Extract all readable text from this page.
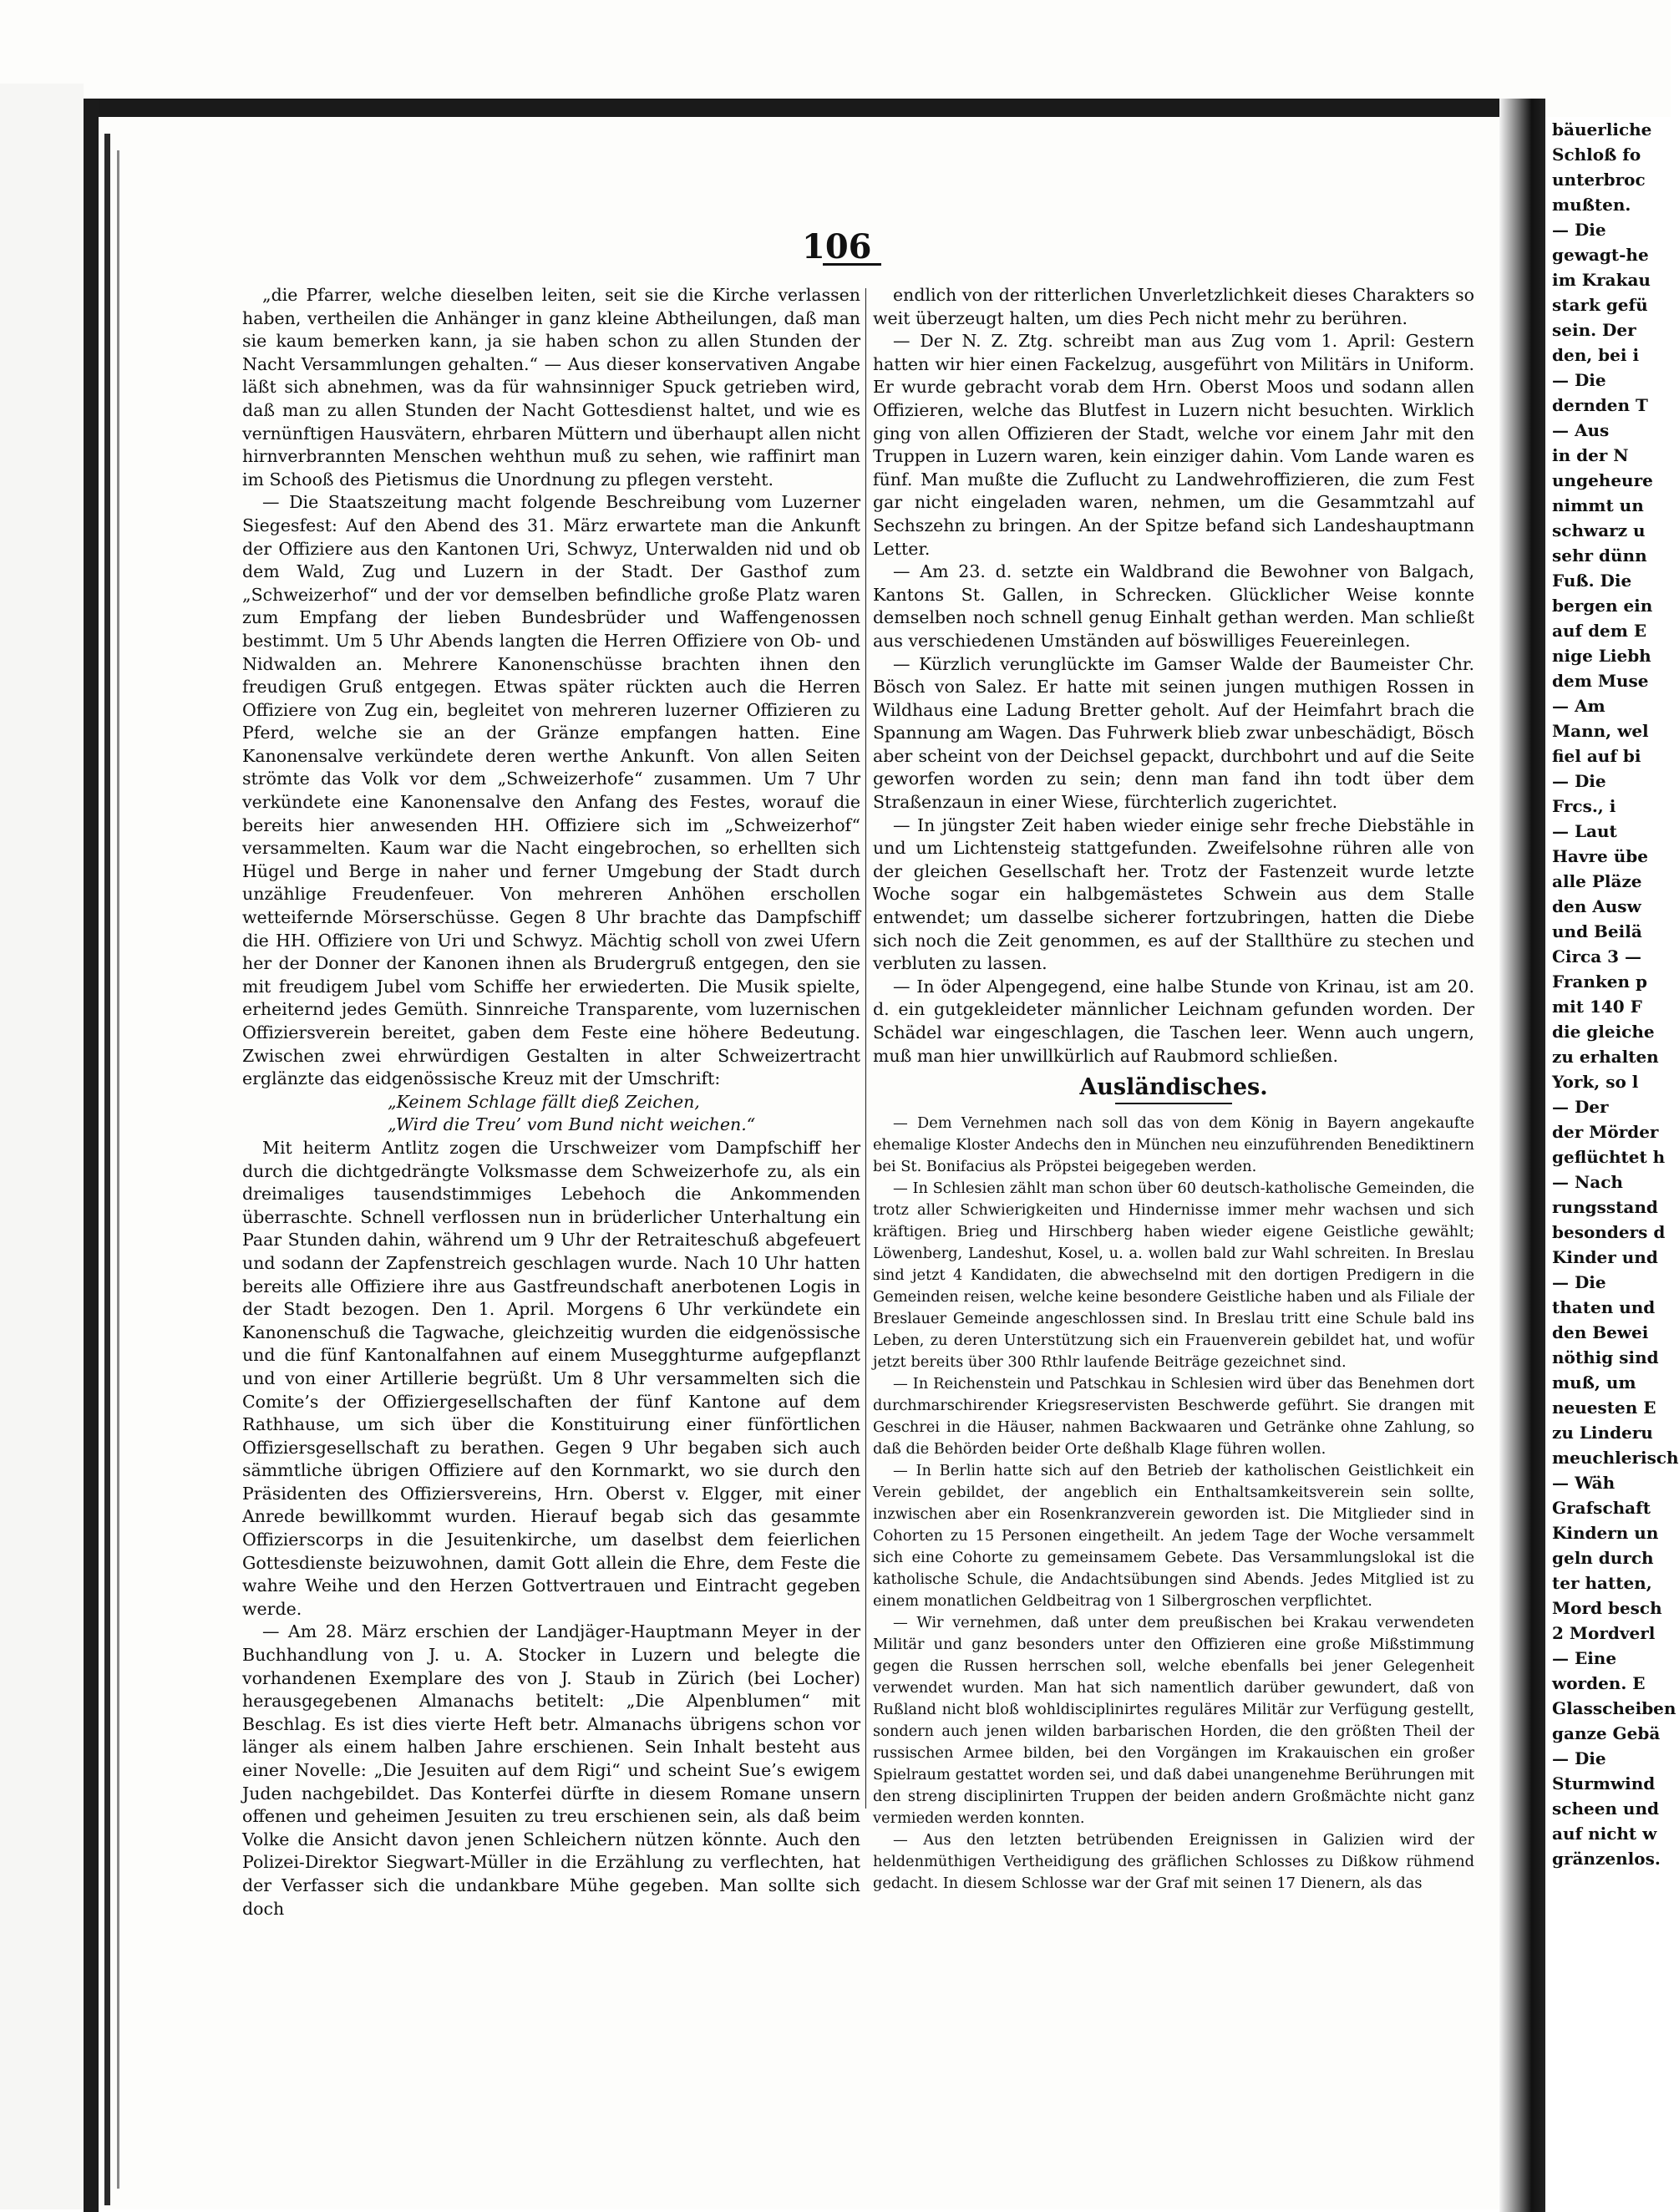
bäuerliche
Schloß fo
unterbroc
mußten.
— Die
gewagt-he
im Krakau
stark gefü
sein. Der
den, bei i
— Die
dernden T
— Aus
in der N
ungeheure
nimmt un
schwarz u
sehr dünn
Fuß. Die
bergen ein
auf dem E
nige Liebh
dem Muse
— Am
Mann, wel
fiel auf bi
— Die
Frcs., i
— Laut
Havre übe
alle Pläze
den Ausw
und Beilä
Circa 3 —
Franken p
mit 140 F
die gleiche
zu erhalten
York, so l
— Der
der Mörder
geflüchtet h
— Nach
rungsstand
besonders d
Kinder und
— Die
thaten und
den Bewei
nöthig sind
muß, um
neuesten E
zu Linderu
meuchlerisch
— Wäh
Grafschaft
Kindern un
geln durch
ter hatten,
Mord besch
2 Mordverl
— Eine
worden. E
Glasscheiben
ganze Gebä
— Die
Sturmwind
scheen und
auf nicht w
gränzenlos.
106

„die Pfarrer, welche dieselben leiten, seit sie die Kirche verlassen haben, vertheilen die Anhänger in ganz kleine Abtheilungen, daß man sie kaum bemerken kann, ja sie haben schon zu allen Stunden der Nacht Versammlungen gehalten.“ — Aus dieser konservativen Angabe läßt sich abnehmen, was da für wahnsinniger Spuck getrieben wird, daß man zu allen Stunden der Nacht Gottesdienst haltet, und wie es vernünftigen Hausvätern, ehrbaren Müttern und überhaupt allen nicht hirnverbrannten Menschen wehthun muß zu sehen, wie raffinirt man im Schooß des Pietismus die Unordnung zu pflegen versteht.

— Die Staatszeitung macht folgende Beschreibung vom Luzerner Siegesfest: Auf den Abend des 31. März erwartete man die Ankunft der Offiziere aus den Kantonen Uri, Schwyz, Unterwalden nid und ob dem Wald, Zug und Luzern in der Stadt. Der Gasthof zum „Schweizerhof“ und der vor demselben befindliche große Platz waren zum Empfang der lieben Bundesbrüder und Waffengenossen bestimmt. Um 5 Uhr Abends langten die Herren Offiziere von Ob- und Nidwalden an. Mehrere Kanonenschüsse brachten ihnen den freudigen Gruß entgegen. Etwas später rückten auch die Herren Offiziere von Zug ein, begleitet von mehreren luzerner Offizieren zu Pferd, welche sie an der Gränze empfangen hatten. Eine Kanonensalve verkündete deren werthe Ankunft. Von allen Seiten strömte das Volk vor dem „Schweizerhofe“ zusammen. Um 7 Uhr verkündete eine Kanonensalve den Anfang des Festes, worauf die bereits hier anwesenden HH. Offiziere sich im „Schweizerhof“ versammelten. Kaum war die Nacht eingebrochen, so erhellten sich Hügel und Berge in naher und ferner Umgebung der Stadt durch unzählige Freudenfeuer. Von mehreren Anhöhen erschollen wetteifernde Mörserschüsse. Gegen 8 Uhr brachte das Dampfschiff die HH. Offiziere von Uri und Schwyz. Mächtig scholl von zwei Ufern her der Donner der Kanonen ihnen als Brudergruß entgegen, den sie mit freudigem Jubel vom Schiffe her erwiederten. Die Musik spielte, erheiternd jedes Gemüth. Sinnreiche Transparente, vom luzernischen Offiziersverein bereitet, gaben dem Feste eine höhere Bedeutung. Zwischen zwei ehrwürdigen Gestalten in alter Schweizertracht erglänzte das eidgenössische Kreuz mit der Umschrift:

„Keinem Schlage fällt dieß Zeichen,

„Wird die Treu’ vom Bund nicht weichen.“

Mit heiterm Antlitz zogen die Urschweizer vom Dampfschiff her durch die dichtgedrängte Volksmasse dem Schweizerhofe zu, als ein dreimaliges tausendstimmiges Lebehoch die Ankommenden überraschte. Schnell verflossen nun in brüderlicher Unterhaltung ein Paar Stunden dahin, während um 9 Uhr der Retraiteschuß abgefeuert und sodann der Zapfenstreich geschlagen wurde. Nach 10 Uhr hatten bereits alle Offiziere ihre aus Gastfreundschaft anerbotenen Logis in der Stadt bezogen. Den 1. April. Morgens 6 Uhr verkündete ein Kanonenschuß die Tagwache, gleichzeitig wurden die eidgenössische und die fünf Kantonalfahnen auf einem Musegghturme aufgepflanzt und von einer Artillerie begrüßt. Um 8 Uhr versammelten sich die Comite’s der Offiziergesellschaften der fünf Kantone auf dem Rathhause, um sich über die Konstituirung einer fünförtlichen Offiziersgesellschaft zu berathen. Gegen 9 Uhr begaben sich auch sämmtliche übrigen Offiziere auf den Kornmarkt, wo sie durch den Präsidenten des Offiziersvereins, Hrn. Oberst v. Elgger, mit einer Anrede bewillkommt wurden. Hierauf begab sich das gesammte Offizierscorps in die Jesuitenkirche, um daselbst dem feierlichen Gottesdienste beizuwohnen, damit Gott allein die Ehre, dem Feste die wahre Weihe und den Herzen Gottvertrauen und Eintracht gegeben werde.

— Am 28. März erschien der Landjäger-Hauptmann Meyer in der Buchhandlung von J. u. A. Stocker in Luzern und belegte die vorhandenen Exemplare des von J. Staub in Zürich (bei Locher) herausgegebenen Almanachs betitelt: „Die Alpenblumen“ mit Beschlag. Es ist dies vierte Heft betr. Almanachs übrigens schon vor länger als einem halben Jahre erschienen. Sein Inhalt besteht aus einer Novelle: „Die Jesuiten auf dem Rigi“ und scheint Sue’s ewigem Juden nachgebildet. Das Konterfei dürfte in diesem Romane unsern offenen und geheimen Jesuiten zu treu erschienen sein, als daß beim Volke die Ansicht davon jenen Schleichern nützen könnte. Auch den Polizei-Direktor Siegwart-Müller in die Erzählung zu verflechten, hat der Verfasser sich die undankbare Mühe gegeben. Man sollte sich doch

endlich von der ritterlichen Unverletzlichkeit dieses Charakters so weit überzeugt halten, um dies Pech nicht mehr zu berühren.

— Der N. Z. Ztg. schreibt man aus Zug vom 1. April: Gestern hatten wir hier einen Fackelzug, ausgeführt von Militärs in Uniform. Er wurde gebracht vorab dem Hrn. Oberst Moos und sodann allen Offizieren, welche das Blutfest in Luzern nicht besuchten. Wirklich ging von allen Offizieren der Stadt, welche vor einem Jahr mit den Truppen in Luzern waren, kein einziger dahin. Vom Lande waren es fünf. Man mußte die Zuflucht zu Landwehroffizieren, die zum Fest gar nicht eingeladen waren, nehmen, um die Gesammtzahl auf Sechszehn zu bringen. An der Spitze befand sich Landeshauptmann Letter.

— Am 23. d. setzte ein Waldbrand die Bewohner von Balgach, Kantons St. Gallen, in Schrecken. Glücklicher Weise konnte demselben noch schnell genug Einhalt gethan werden. Man schließt aus verschiedenen Umständen auf böswilliges Feuereinlegen.

— Kürzlich verunglückte im Gamser Walde der Baumeister Chr. Bösch von Salez. Er hatte mit seinen jungen muthigen Rossen in Wildhaus eine Ladung Bretter geholt. Auf der Heimfahrt brach die Spannung am Wagen. Das Fuhrwerk blieb zwar unbeschädigt, Bösch aber scheint von der Deichsel gepackt, durchbohrt und auf die Seite geworfen worden zu sein; denn man fand ihn todt über dem Straßenzaun in einer Wiese, fürchterlich zugerichtet.

— In jüngster Zeit haben wieder einige sehr freche Diebstähle in und um Lichtensteig stattgefunden. Zweifelsohne rühren alle von der gleichen Gesellschaft her. Trotz der Fastenzeit wurde letzte Woche sogar ein halbgemästetes Schwein aus dem Stalle entwendet; um dasselbe sicherer fortzubringen, hatten die Diebe sich noch die Zeit genommen, es auf der Stallthüre zu stechen und verbluten zu lassen.

— In öder Alpengegend, eine halbe Stunde von Krinau, ist am 20. d. ein gutgekleideter männlicher Leichnam gefunden worden. Der Schädel war eingeschlagen, die Taschen leer. Wenn auch ungern, muß man hier unwillkürlich auf Raubmord schließen.

Ausländisches.

— Dem Vernehmen nach soll das von dem König in Bayern angekaufte ehemalige Kloster Andechs den in München neu einzuführenden Benediktinern bei St. Bonifacius als Pröpstei beigegeben werden.

— In Schlesien zählt man schon über 60 deutsch-katholische Gemeinden, die trotz aller Schwierigkeiten und Hindernisse immer mehr wachsen und sich kräftigen. Brieg und Hirschberg haben wieder eigene Geistliche gewählt; Löwenberg, Landeshut, Kosel, u. a. wollen bald zur Wahl schreiten. In Breslau sind jetzt 4 Kandidaten, die abwechselnd mit den dortigen Predigern in die Gemeinden reisen, welche keine besondere Geistliche haben und als Filiale der Breslauer Gemeinde angeschlossen sind. In Breslau tritt eine Schule bald ins Leben, zu deren Unterstützung sich ein Frauenverein gebildet hat, und wofür jetzt bereits über 300 Rthlr laufende Beiträge gezeichnet sind.

— In Reichenstein und Patschkau in Schlesien wird über das Benehmen dort durchmarschirender Kriegsreservisten Beschwerde geführt. Sie drangen mit Geschrei in die Häuser, nahmen Backwaaren und Getränke ohne Zahlung, so daß die Behörden beider Orte deßhalb Klage führen wollen.

— In Berlin hatte sich auf den Betrieb der katholischen Geistlichkeit ein Verein gebildet, der angeblich ein Enthaltsamkeitsverein sein sollte, inzwischen aber ein Rosenkranzverein geworden ist. Die Mitglieder sind in Cohorten zu 15 Personen eingetheilt. An jedem Tage der Woche versammelt sich eine Cohorte zu gemeinsamem Gebete. Das Versammlungslokal ist die katholische Schule, die Andachtsübungen sind Abends. Jedes Mitglied ist zu einem monatlichen Geldbeitrag von 1 Silbergroschen verpflichtet.

— Wir vernehmen, daß unter dem preußischen bei Krakau verwendeten Militär und ganz besonders unter den Offizieren eine große Mißstimmung gegen die Russen herrschen soll, welche ebenfalls bei jener Gelegenheit verwendet wurden. Man hat sich namentlich darüber gewundert, daß von Rußland nicht bloß wohldisciplinirtes reguläres Militär zur Verfügung gestellt, sondern auch jenen wilden barbarischen Horden, die den größten Theil der russischen Armee bilden, bei den Vorgängen im Krakauischen ein großer Spielraum gestattet worden sei, und daß dabei unangenehme Berührungen mit den streng disciplinirten Truppen der beiden andern Großmächte nicht ganz vermieden werden konnten.

— Aus den letzten betrübenden Ereignissen in Galizien wird der heldenmüthigen Vertheidigung des gräflichen Schlosses zu Dißkow rühmend gedacht. In diesem Schlosse war der Graf mit seinen 17 Dienern, als das
